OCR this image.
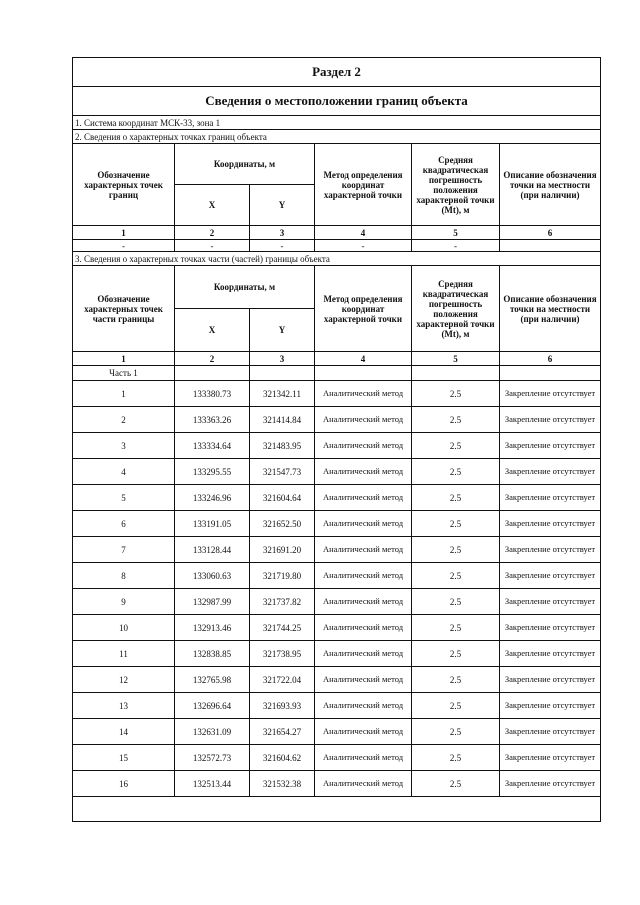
Раздел 2					
Сведения о местоположении границ объекта					
1. Система координат МСК-33, зона 1					
2. Сведения о характерных точках границ объекта					
Обозначение характерных точек границ	Координаты, м		Метод определения координат характерной точки	Средняя квадратическая погрешность положения характерной точки (Mt), м	Описание обозначения точки на местности (при наличии)
	X	Y			
1	2	3	4	5	6
-	-	-	-	-	
3. Сведения о характерных точках части (частей) границы объекта					
Обозначение характерных точек части границы	Координаты, м		Метод определения координат характерной точки	Средняя квадратическая погрешность положения характерной точки (Mt), м	Описание обозначения точки на местности (при наличии)
	X	Y			
1	2	3	4	5	6
Часть 1					
1	133380.73	321342.11	Аналитический метод	2.5	Закрепление отсутствует
2	133363.26	321414.84	Аналитический метод	2.5	Закрепление отсутствует
3	133334.64	321483.95	Аналитический метод	2.5	Закрепление отсутствует
4	133295.55	321547.73	Аналитический метод	2.5	Закрепление отсутствует
5	133246.96	321604.64	Аналитический метод	2.5	Закрепление отсутствует
6	133191.05	321652.50	Аналитический метод	2.5	Закрепление отсутствует
7	133128.44	321691.20	Аналитический метод	2.5	Закрепление отсутствует
8	133060.63	321719.80	Аналитический метод	2.5	Закрепление отсутствует
9	132987.99	321737.82	Аналитический метод	2.5	Закрепление отсутствует
10	132913.46	321744.25	Аналитический метод	2.5	Закрепление отсутствует
11	132838.85	321738.95	Аналитический метод	2.5	Закрепление отсутствует
12	132765.98	321722.04	Аналитический метод	2.5	Закрепление отсутствует
13	132696.64	321693.93	Аналитический метод	2.5	Закрепление отсутствует
14	132631.09	321654.27	Аналитический метод	2.5	Закрепление отсутствует
15	132572.73	321604.62	Аналитический метод	2.5	Закрепление отсутствует
16	132513.44	321532.38	Аналитический метод	2.5	Закрепление отсутствует
